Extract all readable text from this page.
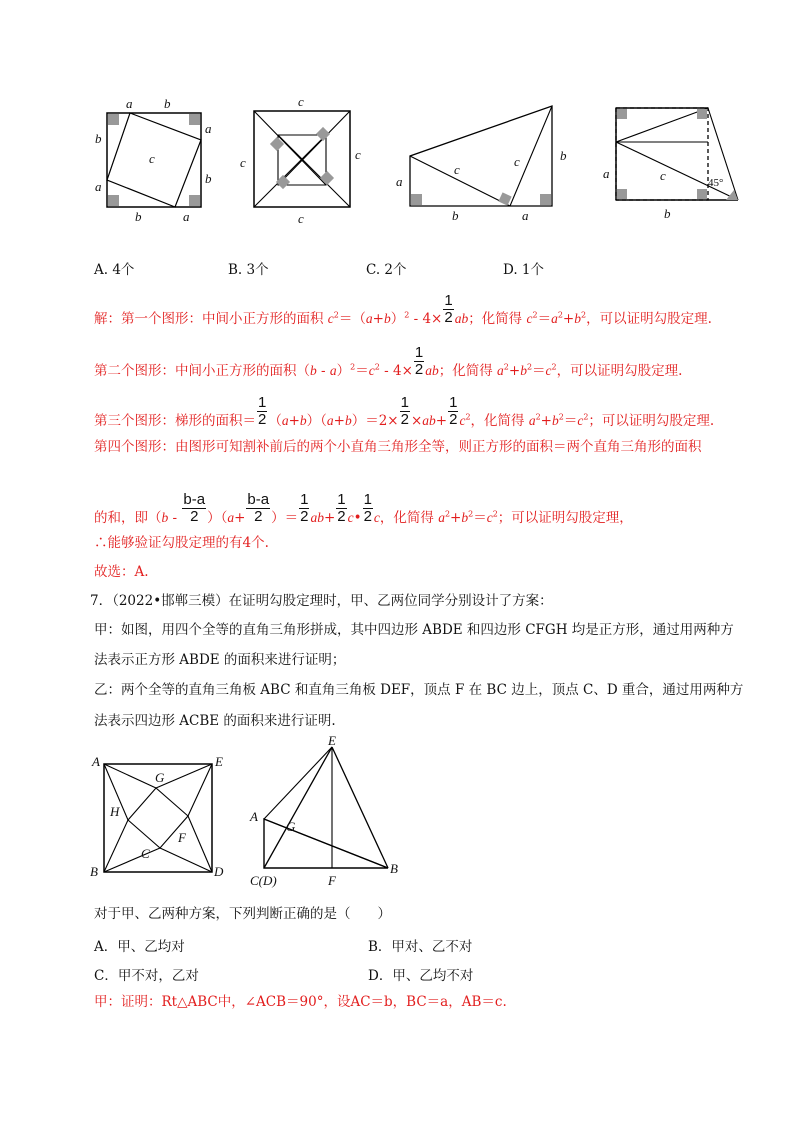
a b
b
a
c
a
b
b	a
c
c
c
c
a
c
c	b
b	a
a	c	45°
b
A. 4个	B. 3个	C. 2个	D. 1个
解：第一个图形：中间小正方形的面积 $c^2=(a+b)^2 - 4\times \frac{1}{2}$ ab；化简得 $c^2=a^2+b^2$，可以证明勾股定理.
第二个图形：中间小正方形的面积$(b - a)^2=c^2 - 4\times \frac{1}{2}$ ab；化简得 $a^2+b^2=c^2$，可以证明勾股定理.
第三个图形：梯形的面积＝ $\frac{1}{2} (a+b)(a+b)=2\times \frac{1}{2} \times ab+ \frac{1}{2} c^2$，化简得 $a^2+b^2=c^2$；可以证明勾股定理.
第四个图形：由图形可知割补前后的两个小直角三角形全等，则正方形的面积＝两个直角三角形的面积
的和，即$(b - \frac{b-a}{2} )(a+ \frac{b-a}{2}$ ）＝ $\frac{1}{2} ab+ \frac{1}{2}$ c• $\frac{1}{2}$ c，化简得 $a^2+b^2=c^2$；可以证明勾股定理，
∴能够验证勾股定理的有4个.
故选：A.
7．（2022•邯郸三模）在证明勾股定理时，甲、乙两位同学分别设计了方案：
甲：如图，用四个全等的直角三角形拼成，其中四边形 ABDE 和四边形 CFGH 均是正方形，通过用两种方
法表示正方形 ABDE 的面积来进行证明；
乙：两个全等的直角三角板 ABC 和直角三角板 DEF，顶点 F 在 BC 边上，顶点 C、D 重合，通过用两种方
法表示四边形 ACBE 的面积来进行证明.
A	E
G
H
F
C
B	D
E
A
G
C(D)	F
B
对于甲、乙两种方案，下列判断正确的是（　　）
A．甲、乙均对	B．甲对、乙不对
C．甲不对，乙对	D．甲、乙均不对
甲：证明：Rt△ABC中，∠ACB＝90°，设AC＝b，BC＝a，AB＝c.
